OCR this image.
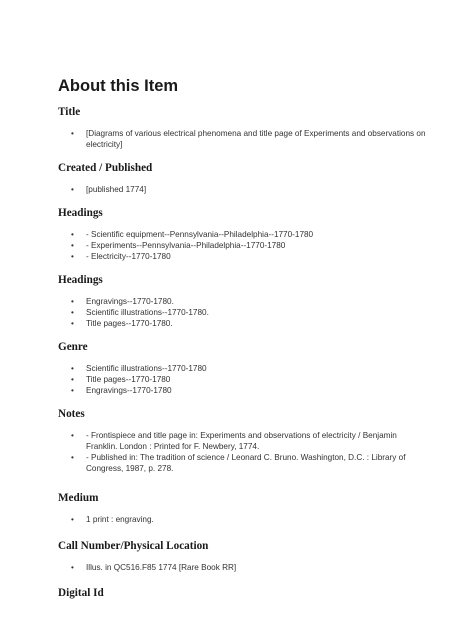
About this Item
Title
• [Diagrams of various electrical phenomena and title page of Experiments and observations on electricity]
Created / Published
• [published 1774]
Headings
• - Scientific equipment--Pennsylvania--Philadelphia--1770-1780
• - Experiments--Pennsylvania--Philadelphia--1770-1780
• - Electricity--1770-1780
Headings
• Engravings--1770-1780.
• Scientific illustrations--1770-1780.
• Title pages--1770-1780.
Genre
• Scientific illustrations--1770-1780
• Title pages--1770-1780
• Engravings--1770-1780
Notes
• - Frontispiece and title page in: Experiments and observations of electricity / Benjamin Franklin. London : Printed for F. Newbery, 1774.
• - Published in: The tradition of science / Leonard C. Bruno. Washington, D.C. : Library of Congress, 1987, p. 278.
Medium
• 1 print : engraving.
Call Number/Physical Location
• Illus. in QC516.F85 1774 [Rare Book RR]
Digital Id
